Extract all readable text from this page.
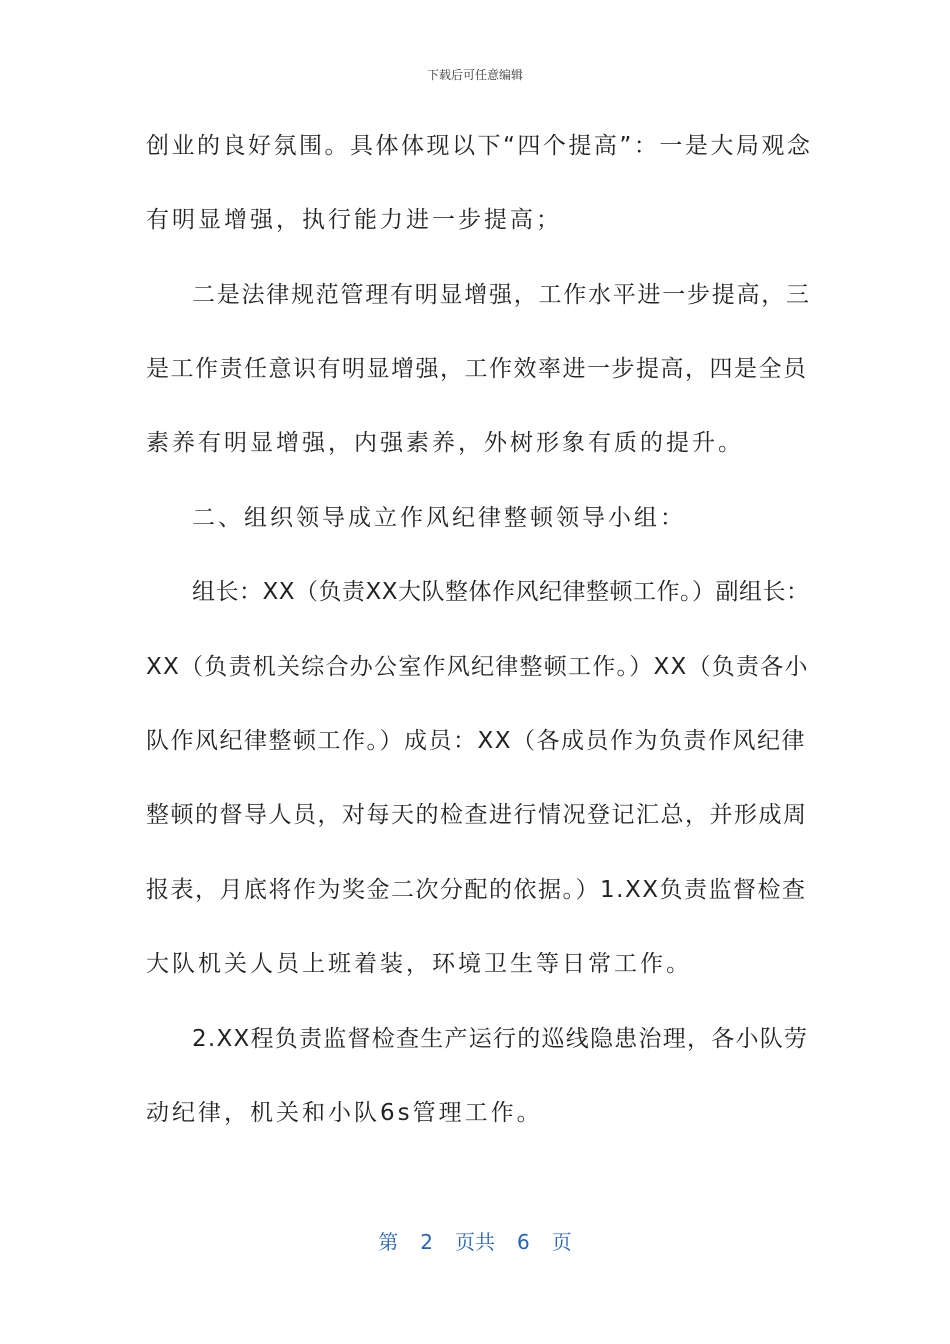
下载后可任意编辑
创业的良好氛围。具体体现以下“四个提高”：一是大局观念
有明显增强，执行能力进一步提高；
二是法律规范管理有明显增强，工作水平进一步提高，三
是工作责任意识有明显增强，工作效率进一步提高，四是全员
素养有明显增强，内强素养，外树形象有质的提升。
二、组织领导成立作风纪律整顿领导小组：
组长：XX（负责XX大队整体作风纪律整顿工作。）副组长：
XX（负责机关综合办公室作风纪律整顿工作。）XX（负责各小
队作风纪律整顿工作。）成员：XX（各成员作为负责作风纪律
整顿的督导人员，对每天的检查进行情况登记汇总，并形成周
报表，月底将作为奖金二次分配的依据。）1.XX负责监督检查
大队机关人员上班着装，环境卫生等日常工作。
2.XX程负责监督检查生产运行的巡线隐患治理，各小队劳
动纪律，机关和小队6s管理工作。
第 2 页共 6 页
